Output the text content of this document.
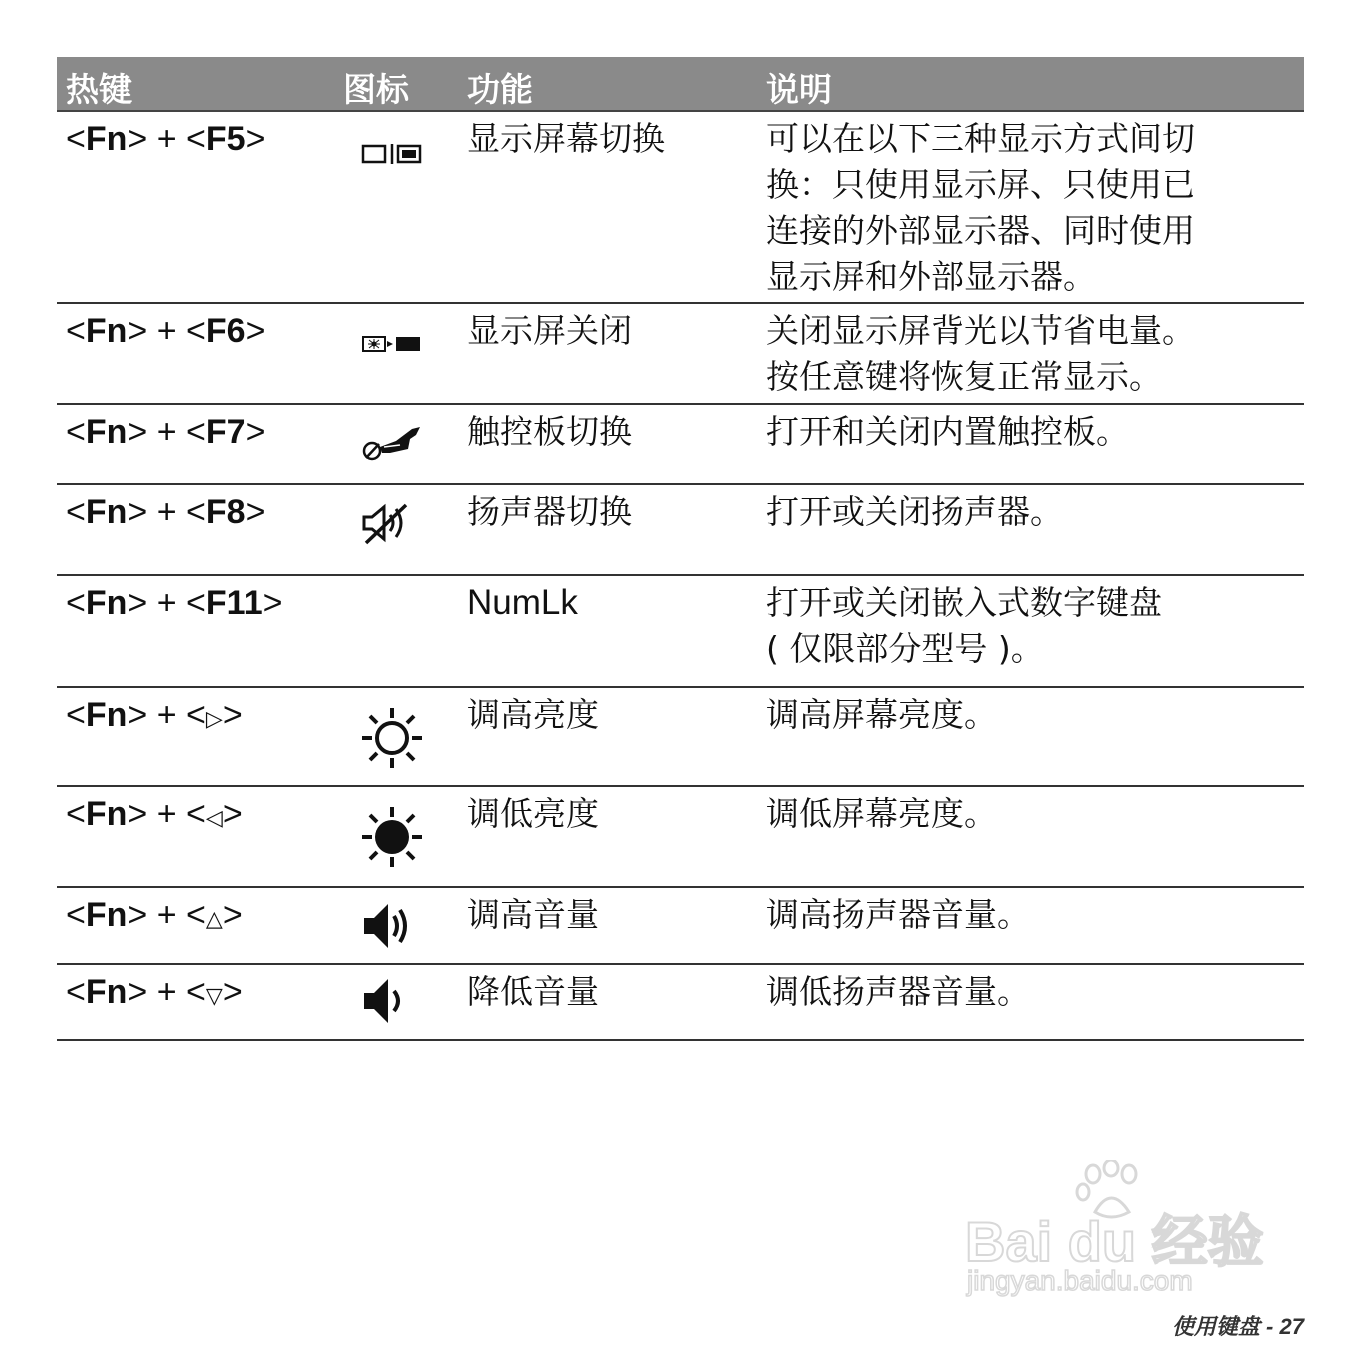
热键	图标 功能	说明
<Fn> + <F5>	显示屏幕切换	可以在以下三种显示方式间切
换：只使用显示屏、只使用已
连接的外部显示器、同时使用
显示屏和外部显示器。
<Fn> + <F6>	显示屏关闭	关闭显示屏背光以节省电量。
按任意键将恢复正常显示。
<Fn> + <F7>	触控板切换	打开和关闭内置触控板。
<Fn> + <F8>	扬声器切换	打开或关闭扬声器。
<Fn> + <F11>	NumLk	打开或关闭嵌入式数字键盘
( 仅限部分型号 )。
<Fn> + <▷>	调高亮度	调高屏幕亮度。
<Fn> + <◁>	调低亮度	调低屏幕亮度。
<Fn> + <△>	调高音量	调高扬声器音量。
<Fn> + <▽>	降低音量	调低扬声器音量。
Bai du 经验
jingyan.baidu.com
使用键盘 - 27
